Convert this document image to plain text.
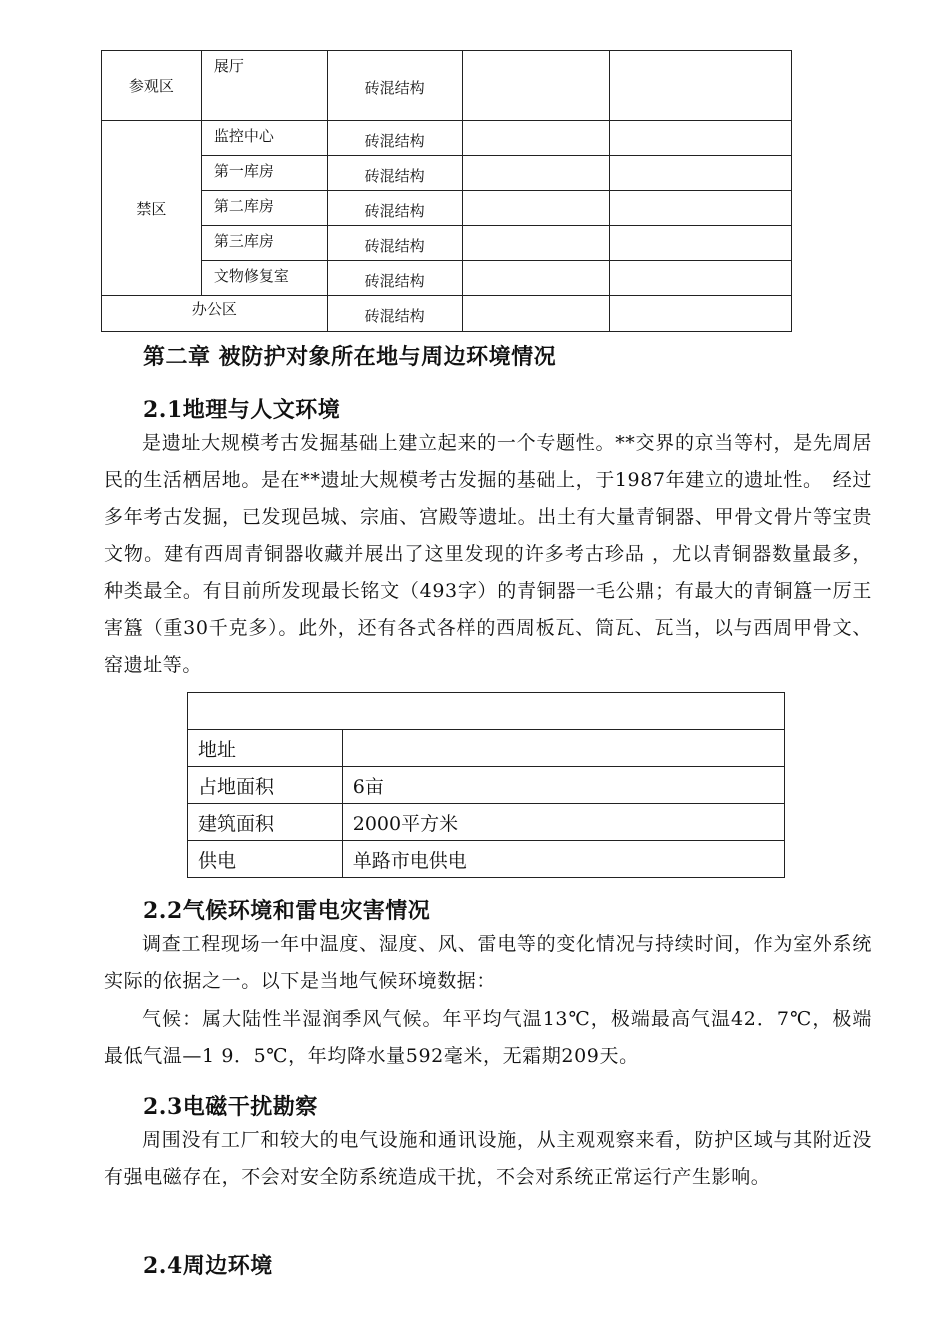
参观区	展厅	砖混结构		
禁区	监控中心	砖混结构		
	第一库房	砖混结构		
	第二库房	砖混结构		
	第三库房	砖混结构		
	文物修复室	砖混结构		
办公区		砖混结构		
第二章 被防护对象所在地与周边环境情况
2.1地理与人文环境

是遗址大规模考古发掘基础上建立起来的一个专题性。**交界的京当等村，是先周居民的生活栖居地。是在**遗址大规模考古发掘的基础上，于1987年建立的遗址性。　经过多年考古发掘，已发现邑城、宗庙、宫殿等遗址。出土有大量青铜器、甲骨文骨片等宝贵文物。建有西周青铜器收藏并展出了这里发现的许多考古珍品 ，尤以青铜器数量最多，种类最全。有目前所发现最长铭文（493字）的青铜器一毛公鼎；有最大的青铜簋一厉王害簋（重30千克多）。此外，还有各式各样的西周板瓦、筒瓦、瓦当，以与西周甲骨文、窑遗址等。

地址	
占地面积	6亩
建筑面积	2000平方米
供电	单路市电供电
2.2气候环境和雷电灾害情况

调查工程现场一年中温度、湿度、风、雷电等的变化情况与持续时间，作为室外系统实际的依据之一。以下是当地气候环境数据：

气候：属大陆性半湿润季风气候。年平均气温13℃，极端最高气温42．7℃，极端最低气温—1 9．5℃，年均降水量592毫米，无霜期209天。

2.3电磁干扰勘察

周围没有工厂和较大的电气设施和通讯设施，从主观观察来看，防护区域与其附近没有强电磁存在，不会对安全防系统造成干扰，不会对系统正常运行产生影响。

2.4周边环境
